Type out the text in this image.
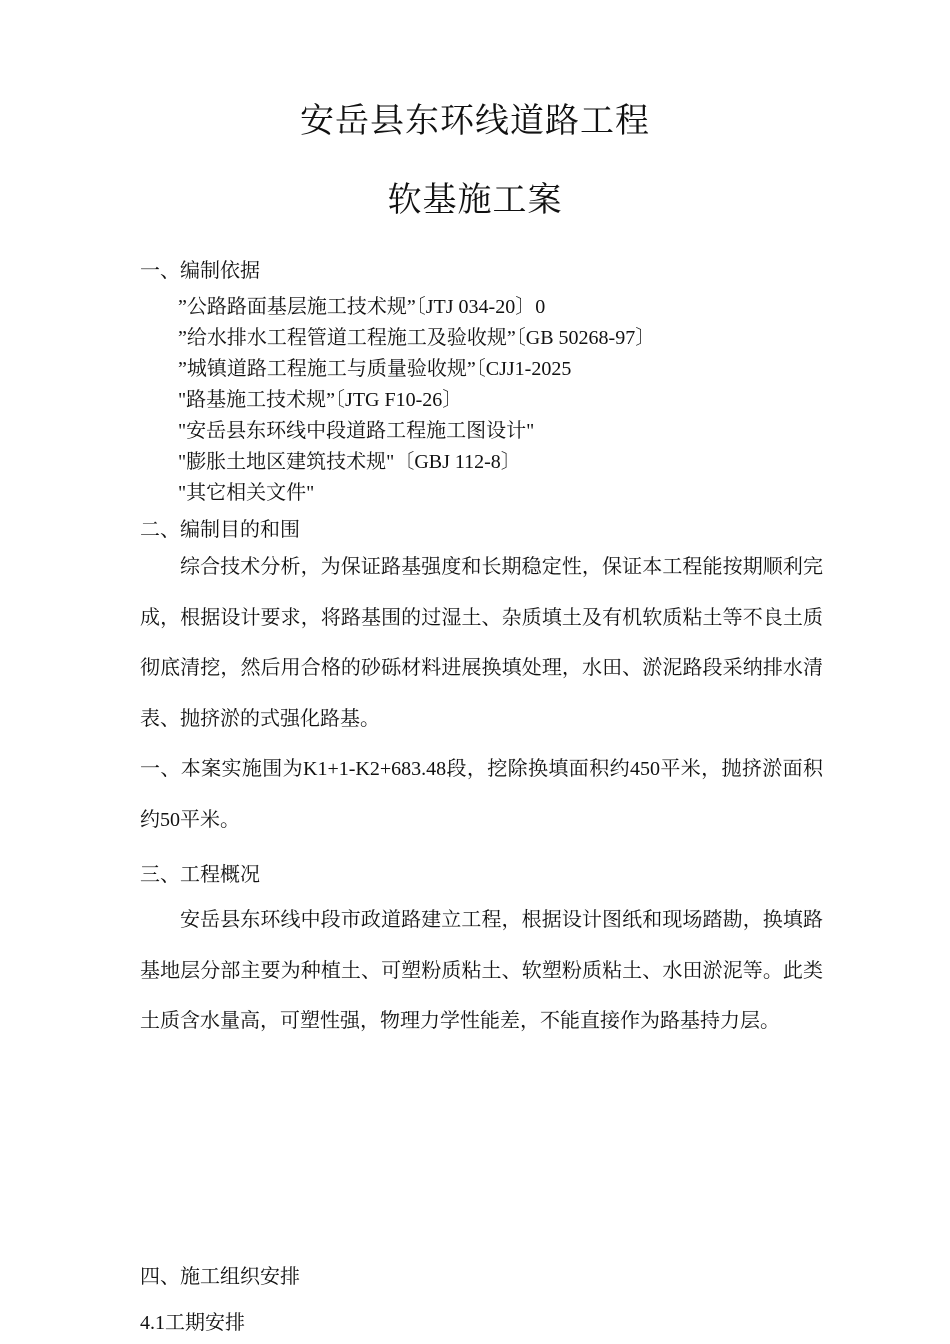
安岳县东环线道路工程
软基施工案
一、编制依据
”公路路面基层施工技术规”〔JTJ 034-20〕0
”给水排水工程管道工程施工及验收规”〔GB 50268-97〕
”城镇道路工程施工与质量验收规”〔CJJ1-2025
"路基施工技术规”〔JTG F10-26〕
"安岳县东环线中段道路工程施工图设计"
"膨胀土地区建筑技术规"〔GBJ 112-8〕
"其它相关文件"
二、编制目的和围

综合技术分析，为保证路基强度和长期稳定性，保证本工程能按期顺利完成，根据设计要求，将路基围的过湿土、杂质填土及有机软质粘土等不良土质彻底清挖，然后用合格的砂砾材料进展换填处理，水田、淤泥路段采纳排水清表、抛挤淤的式强化路基。

一、本案实施围为K1+1-K2+683.48段，挖除换填面积约450平米，抛挤淤面积约50平米。

三、工程概况

安岳县东环线中段市政道路建立工程，根据设计图纸和现场踏勘，换填路基地层分部主要为种植土、可塑粉质粘土、软塑粉质粘土、水田淤泥等。此类土质含水量高，可塑性强，物理力学性能差，不能直接作为路基持力层。

四、施工组织安排
4.1工期安排
